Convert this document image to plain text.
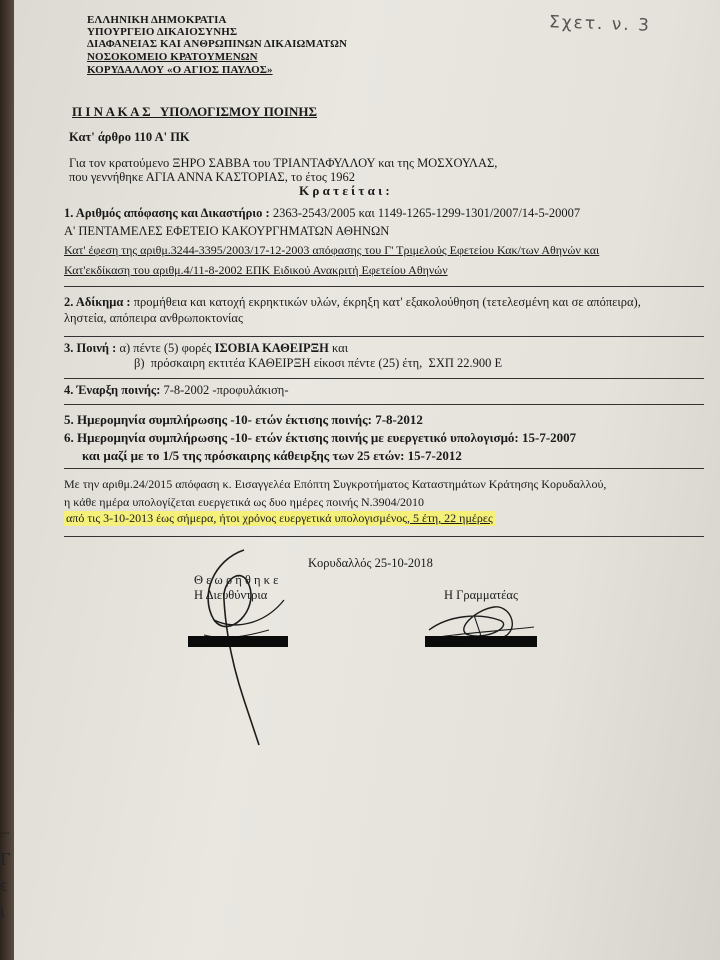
⌐
Γ
ϵ
ι
Σχετ. ν. 3
ΕΛΛΗΝΙΚΗ ΔΗΜΟΚΡΑΤΙΑ
ΥΠΟΥΡΓΕΙΟ ΔΙΚΑΙΟΣΥΝΗΣ
ΔΙΑΦΑΝΕΙΑΣ ΚΑΙ ΑΝΘΡΩΠΙΝΩΝ ΔΙΚΑΙΩΜΑΤΩΝ
ΝΟΣΟΚΟΜΕΙΟ ΚΡΑΤΟΥΜΕΝΩΝ
ΚΟΡΥΔΑΛΛΟΥ «Ο ΑΓΙΟΣ ΠΑΥΛΟΣ»
Π Ι Ν Α Κ Α Σ   ΥΠΟΛΟΓΙΣΜΟΥ ΠΟΙΝΗΣ
Κατ' άρθρο 110 Α' ΠΚ
Για τον κρατούμενο ΞΗΡΟ ΣΑΒΒΑ του ΤΡΙΑΝΤΑΦΥΛΛΟΥ και της ΜΟΣΧΟΥΛΑΣ,
που γεννήθηκε ΑΓΙΑ ΑΝΝΑ ΚΑΣΤΟΡΙΑΣ, το έτος 1962
Κ ρ α τ ε ί τ α ι :
1. Αριθμός απόφασης και Δικαστήριο : 2363-2543/2005 και 1149-1265-1299-1301/2007/14-5-20007
Α' ΠΕΝΤΑΜΕΛΕΣ ΕΦΕΤΕΙΟ ΚΑΚΟΥΡΓΗΜΑΤΩΝ ΑΘΗΝΩΝ
Κατ' έφεση της αριθμ.3244-3395/2003/17-12-2003 απόφασης του Γ' Τριμελούς Εφετείου Κακ/των Αθηνών και
Κατ'εκδίκαση του αριθμ.4/11-8-2002 ΕΠΚ Ειδικού Ανακριτή Εφετείου Αθηνών
2. Αδίκημα : προμήθεια και κατοχή εκρηκτικών υλών, έκρηξη κατ' εξακολούθηση (τετελεσμένη και σε απόπειρα),
ληστεία, απόπειρα ανθρωποκτονίας
3. Ποινή : α) πέντε (5) φορές ΙΣΟΒΙΑ ΚΑΘΕΙΡΞΗ και
β)  πρόσκαιρη εκτιτέα ΚΑΘΕΙΡΞΗ είκοσι πέντε (25) έτη,  ΣΧΠ 22.900 Ε
4. Έναρξη ποινής: 7-8-2002 -προφυλάκιση-
5. Ημερομηνία συμπλήρωσης -10- ετών έκτισης ποινής: 7-8-2012
6. Ημερομηνία συμπλήρωσης -10- ετών έκτισης ποινής με ευεργετικό υπολογισμό: 15-7-2007
και μαζί με το 1/5 της πρόσκαιρης κάθειρξης των 25 ετών: 15-7-2012
Με την αριθμ.24/2015 απόφαση κ. Εισαγγελέα Επόπτη Συγκροτήματος Καταστημάτων Κράτησης Κορυδαλλού,
η κάθε ημέρα υπολογίζεται ευεργετικά ως δυο ημέρες ποινής Ν.3904/2010
από τις 3-10-2013 έως σήμερα, ήτοι χρόνος ευεργετικά υπολογισμένος, 5 έτη, 22 ημέρες
Κορυδαλλός 25-10-2018
Θ ε ω ρ ή θ η κ ε
Η Διευθύντρια	Η Γραμματέας
